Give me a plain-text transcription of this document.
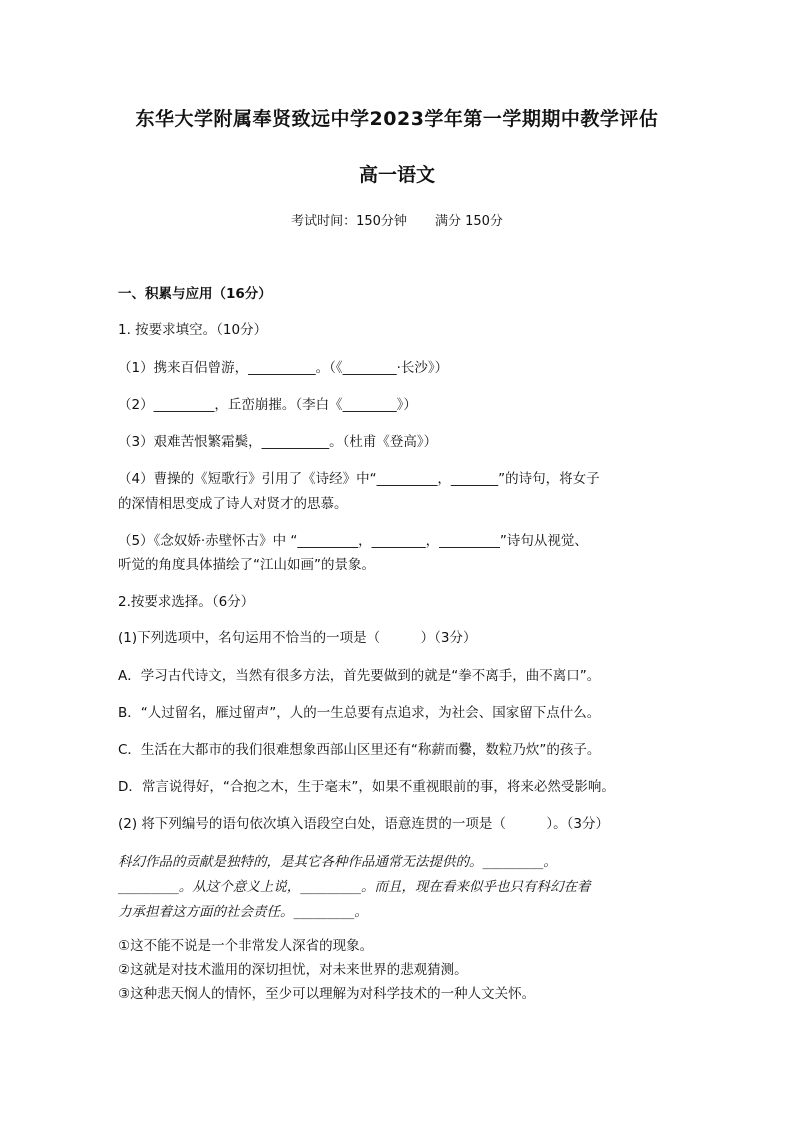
东华大学附属奉贤致远中学2023学年第一学期期中教学评估
高一语文
考试时间：150分钟 满分 150分
一、积累与应用（16分）
1. 按要求填空。（10分）
（1）携来百侣曾游，__________。（《________·长沙》）
（2）_________，丘峦崩摧。（李白《________》）
（3）艰难苦恨繁霜鬓，__________。（杜甫《登高》）
（4）曹操的《短歌行》引用了《诗经》中“_________，_______”的诗句，将女子
的深情相思变成了诗人对贤才的思慕。
（5）《念奴娇·赤壁怀古》中 “_________，________，_________”诗句从视觉、
听觉的角度具体描绘了“江山如画”的景象。
2.按要求选择。（6分）
(1)下列选项中，名句运用不恰当的一项是（　　　）（3分）
A．学习古代诗文，当然有很多方法，首先要做到的就是“拳不离手，曲不离口”。
B．“人过留名，雁过留声”，人的一生总要有点追求，为社会、国家留下点什么。
C．生活在大都市的我们很难想象西部山区里还有“称薪而爨，数粒乃炊”的孩子。
D．常言说得好，“合抱之木，生于毫末”，如果不重视眼前的事，将来必然受影响。
(2) 将下列编号的语句依次填入语段空白处，语意连贯的一项是（　　　）。（3分）
科幻作品的贡献是独特的，是其它各种作品通常无法提供的。_________。
_________。从这个意义上说，_________。而且，现在看来似乎也只有科幻在着
力承担着这方面的社会责任。_________。
①这不能不说是一个非常发人深省的现象。
②这就是对技术滥用的深切担忧，对未来世界的悲观猜测。
③这种悲天悯人的情怀，至少可以理解为对科学技术的一种人文关怀。
